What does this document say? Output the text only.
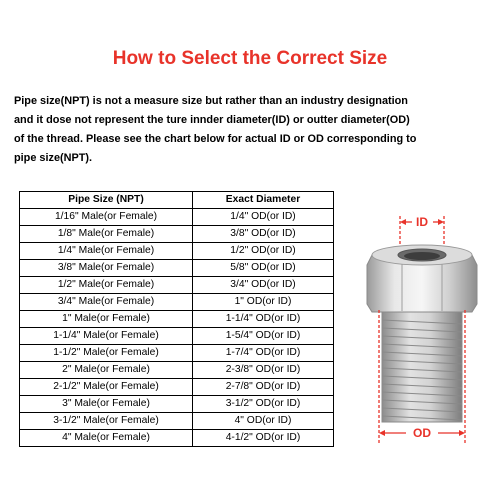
How to Select the Correct Size
Pipe size(NPT) is not a measure size but rather than an industry designation
and it dose not represent the ture innder diameter(ID) or outter diameter(OD)
of the thread. Please see the chart below for actual ID or OD corresponding to
pipe size(NPT).
Pipe Size (NPT)	Exact Diameter
1/16" Male(or Female)	1/4" OD(or ID)
1/8" Male(or Female)	3/8" OD(or ID)
1/4" Male(or Female)	1/2" OD(or ID)
3/8" Male(or Female)	5/8" OD(or ID)
1/2" Male(or Female)	3/4" OD(or ID)
3/4" Male(or Female)	1" OD(or ID)
1" Male(or Female)	1-1/4" OD(or ID)
1-1/4" Male(or Female)	1-5/4" OD(or ID)
1-1/2" Male(or Female)	1-7/4" OD(or ID)
2" Male(or Female)	2-3/8" OD(or ID)
2-1/2" Male(or Female)	2-7/8" OD(or ID)
3" Male(or Female)	3-1/2" OD(or ID)
3-1/2" Male(or Female)	4" OD(or ID)
4" Male(or Female)	4-1/2" OD(or ID)
ID
OD
